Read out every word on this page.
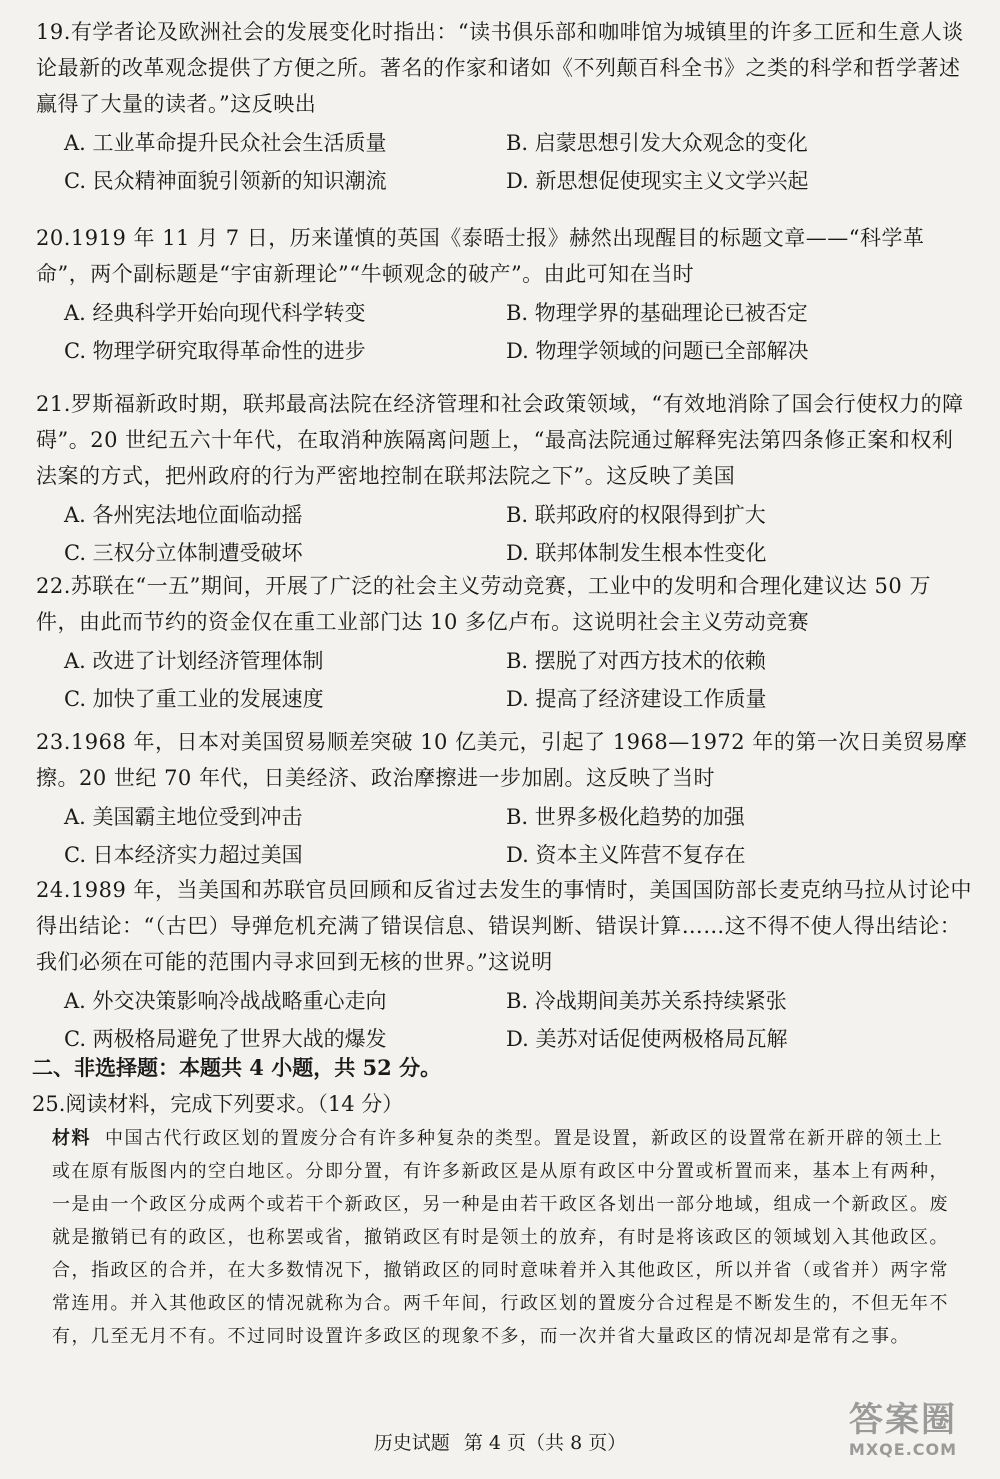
19.有学者论及欧洲社会的发展变化时指出：“读书俱乐部和咖啡馆为城镇里的许多工匠和生意人谈论最新的改革观念提供了方便之所。著名的作家和诸如《不列颠百科全书》之类的科学和哲学著述赢得了大量的读者。”这反映出
A. 工业革命提升民众社会生活质量	B. 启蒙思想引发大众观念的变化
C. 民众精神面貌引领新的知识潮流	D. 新思想促使现实主义文学兴起
20.1919 年 11 月 7 日，历来谨慎的英国《泰晤士报》赫然出现醒目的标题文章——“科学革命”，两个副标题是“宇宙新理论”“牛顿观念的破产”。由此可知在当时
A. 经典科学开始向现代科学转变	B. 物理学界的基础理论已被否定
C. 物理学研究取得革命性的进步	D. 物理学领域的问题已全部解决
21.罗斯福新政时期，联邦最高法院在经济管理和社会政策领域，“有效地消除了国会行使权力的障碍”。20 世纪五六十年代，在取消种族隔离问题上，“最高法院通过解释宪法第四条修正案和权利法案的方式，把州政府的行为严密地控制在联邦法院之下”。这反映了美国
A. 各州宪法地位面临动摇	B. 联邦政府的权限得到扩大
C. 三权分立体制遭受破坏	D. 联邦体制发生根本性变化
22.苏联在“一五”期间，开展了广泛的社会主义劳动竞赛，工业中的发明和合理化建议达 50 万件，由此而节约的资金仅在重工业部门达 10 多亿卢布。这说明社会主义劳动竞赛
A. 改进了计划经济管理体制	B. 摆脱了对西方技术的依赖
C. 加快了重工业的发展速度	D. 提高了经济建设工作质量
23.1968 年，日本对美国贸易顺差突破 10 亿美元，引起了 1968—1972 年的第一次日美贸易摩擦。20 世纪 70 年代，日美经济、政治摩擦进一步加剧。这反映了当时
A. 美国霸主地位受到冲击	B. 世界多极化趋势的加强
C. 日本经济实力超过美国	D. 资本主义阵营不复存在
24.1989 年，当美国和苏联官员回顾和反省过去发生的事情时，美国国防部长麦克纳马拉从讨论中得出结论：“（古巴）导弹危机充满了错误信息、错误判断、错误计算……这不得不使人得出结论：我们必须在可能的范围内寻求回到无核的世界。”这说明
A. 外交决策影响冷战战略重心走向	B. 冷战期间美苏关系持续紧张
C. 两极格局避免了世界大战的爆发	D. 美苏对话促使两极格局瓦解
二、非选择题：本题共 4 小题，共 52 分。
25.阅读材料，完成下列要求。（14 分）
材料 中国古代行政区划的置废分合有许多种复杂的类型。置是设置，新政区的设置常在新开辟的领土上或在原有版图内的空白地区。分即分置，有许多新政区是从原有政区中分置或析置而来，基本上有两种，一是由一个政区分成两个或若干个新政区，另一种是由若干政区各划出一部分地域，组成一个新政区。废就是撤销已有的政区，也称罢或省，撤销政区有时是领土的放弃，有时是将该政区的领域划入其他政区。合，指政区的合并，在大多数情况下，撤销政区的同时意味着并入其他政区，所以并省（或省并）两字常常连用。并入其他政区的情况就称为合。两千年间，行政区划的置废分合过程是不断发生的，不但无年不有，几至无月不有。不过同时设置许多政区的现象不多，而一次并省大量政区的情况却是常有之事。
历史试题 第 4 页（共 8 页）
答案圈
MXQE.COM
